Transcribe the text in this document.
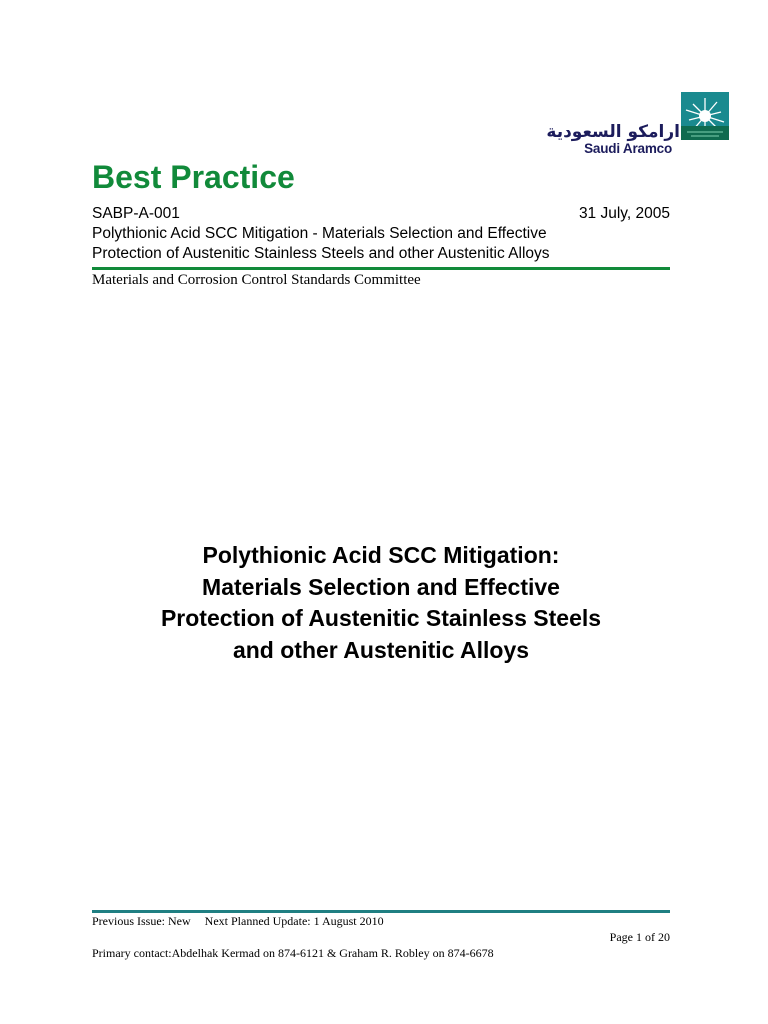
ارامكو السعودية
Saudi Aramco
Best Practice
SABP-A-001	31 July, 2005
Polythionic Acid SCC Mitigation - Materials Selection and Effective
Protection of Austenitic Stainless Steels and other Austenitic Alloys
Materials and Corrosion Control Standards Committee
Polythionic Acid SCC Mitigation:
Materials Selection and Effective
Protection of Austenitic Stainless Steels
and other Austenitic Alloys
Previous Issue: New Next Planned Update: 1 August 2010
Page 1 of 20
Primary contact:Abdelhak Kermad on 874-6121 & Graham R. Robley on 874-6678
